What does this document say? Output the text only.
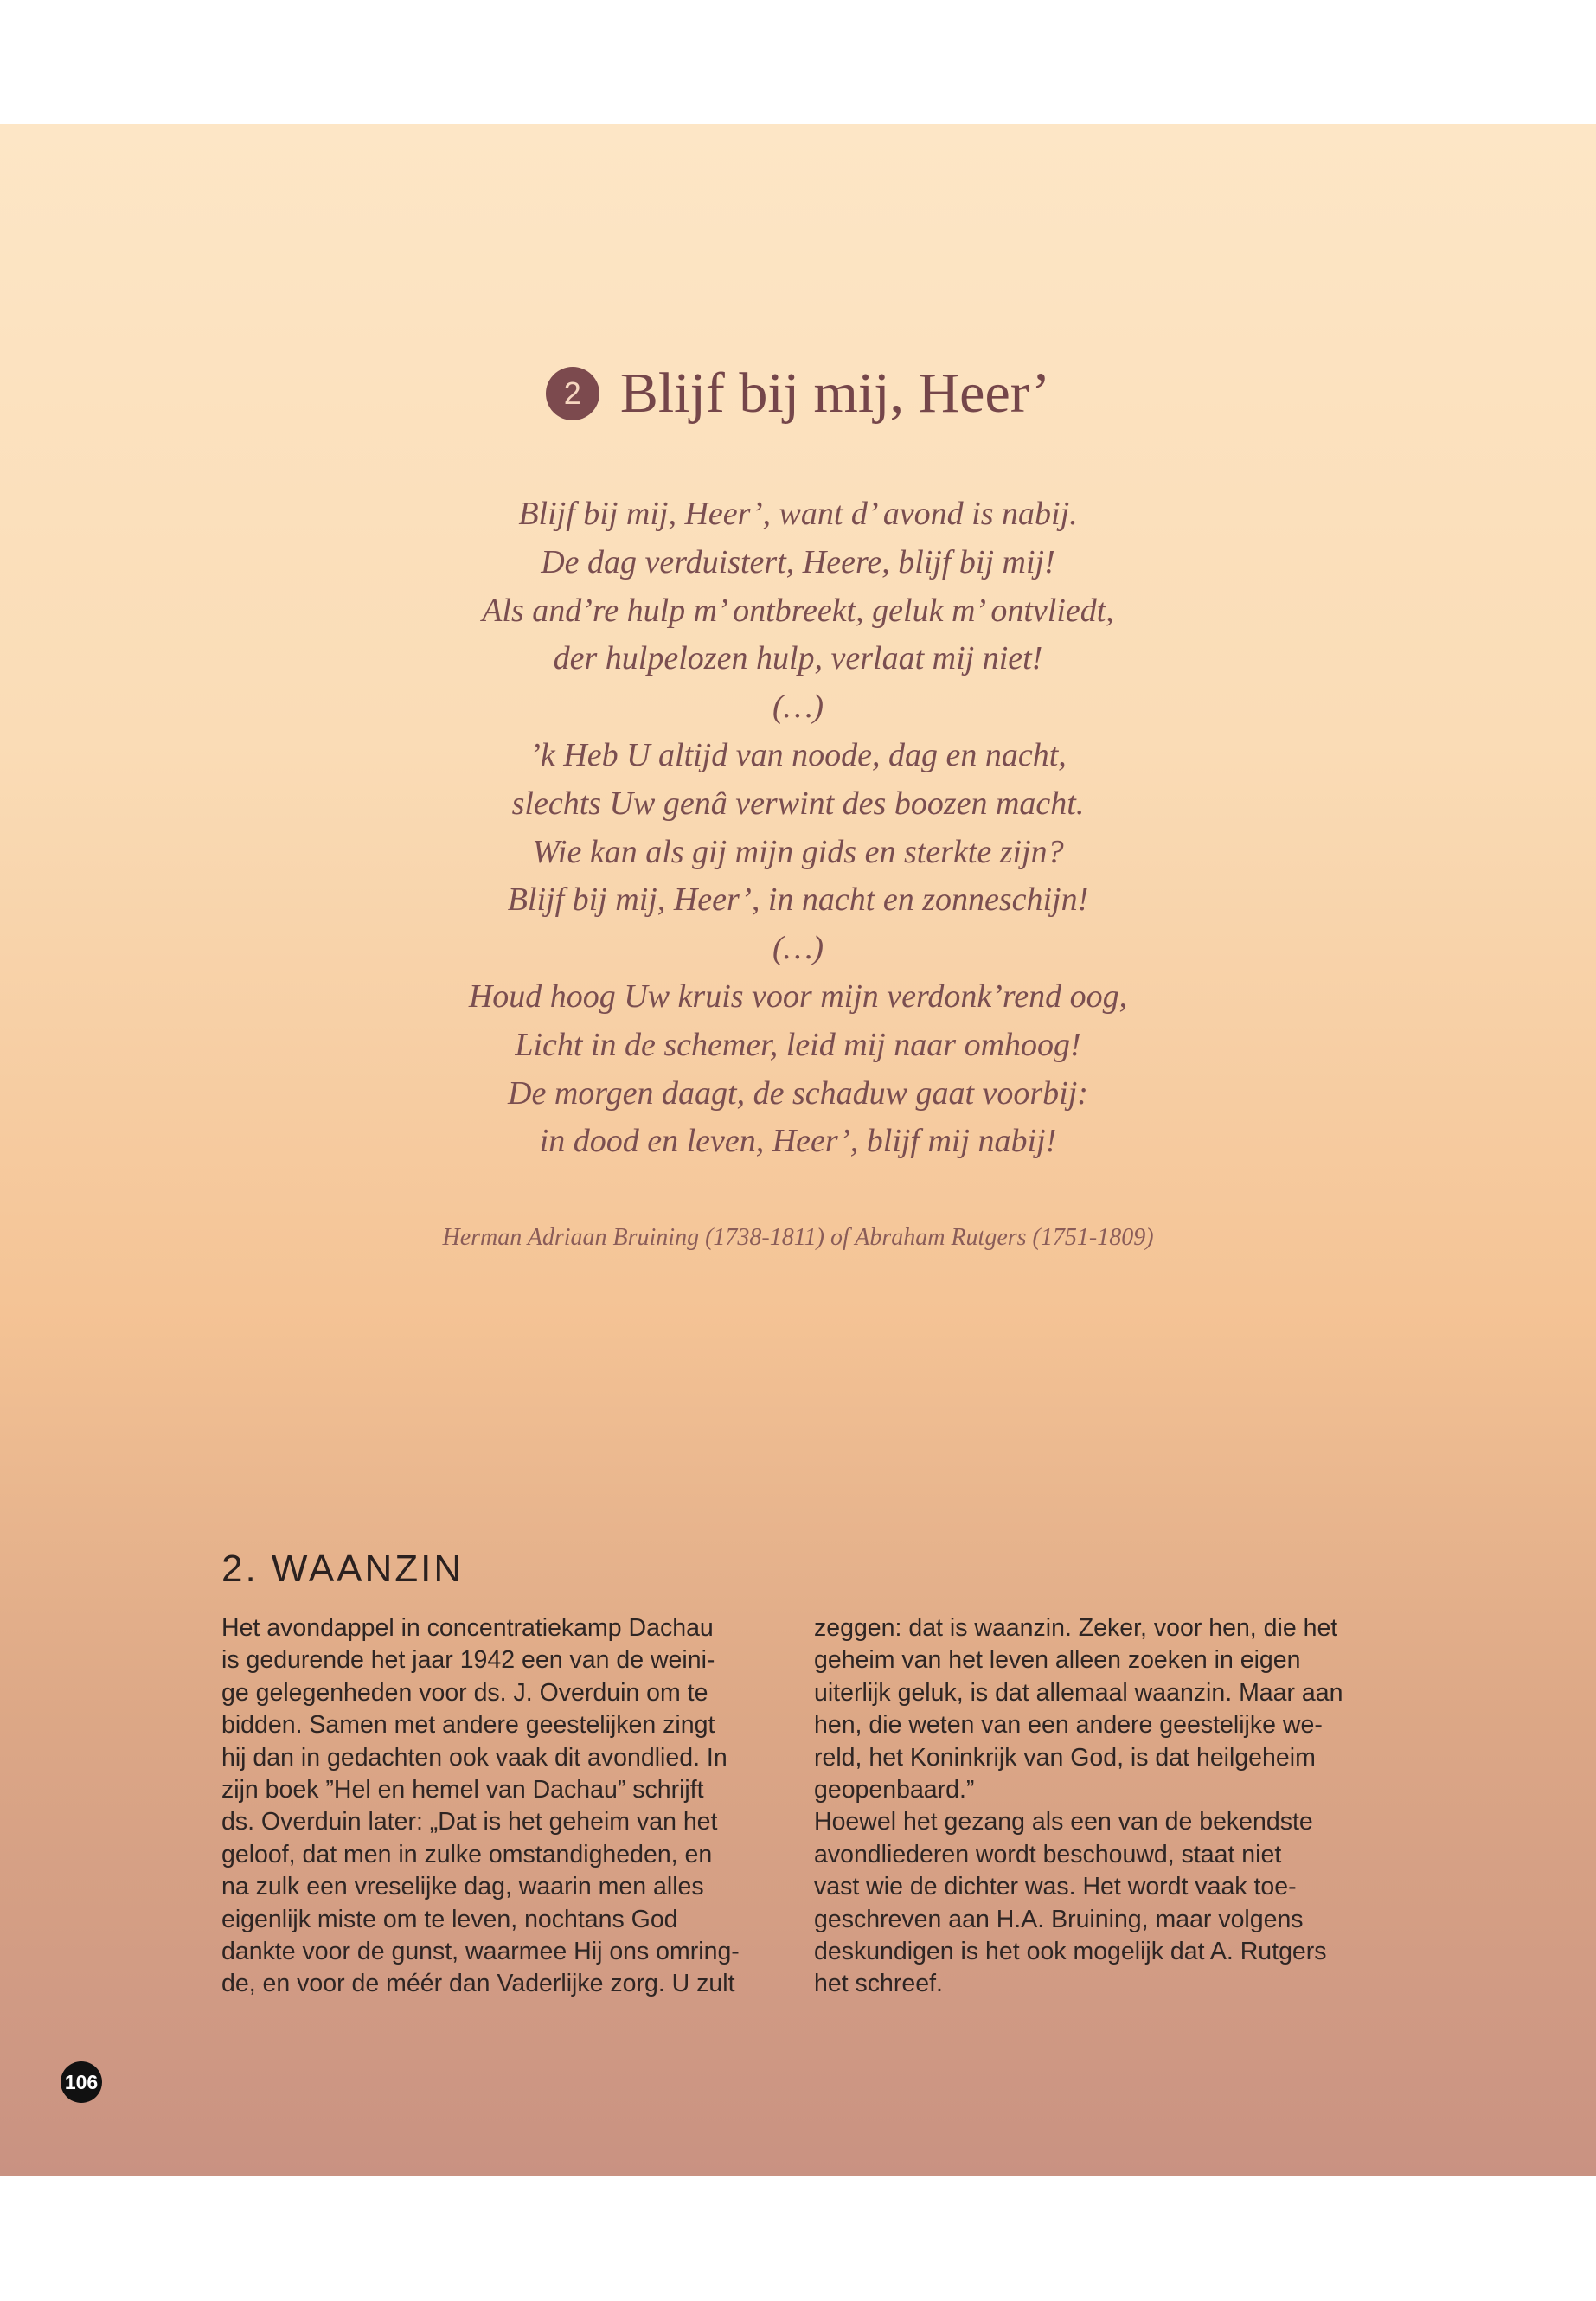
2 Blijf bij mij, Heer’
Blijf bij mij, Heer’, want d’ avond is nabij.
De dag verduistert, Heere, blijf bij mij!
Als and’re hulp m’ ontbreekt, geluk m’ ontvliedt,
der hulpelozen hulp, verlaat mij niet!
(…)
’k Heb U altijd van noode, dag en nacht,
slechts Uw genâ verwint des boozen macht.
Wie kan als gij mijn gids en sterkte zijn?
Blijf bij mij, Heer’, in nacht en zonneschijn!
(…)
Houd hoog Uw kruis voor mijn verdonk’rend oog,
Licht in de schemer, leid mij naar omhoog!
De morgen daagt, de schaduw gaat voorbij:
in dood en leven, Heer’, blijf mij nabij!
Herman Adriaan Bruining (1738-1811) of Abraham Rutgers (1751-1809)
2. WAANZIN
Het avondappel in concentratiekamp Dachau
is gedurende het jaar 1942 een van de weini-
ge gelegenheden voor ds. J. Overduin om te
bidden. Samen met andere geestelijken zingt
hij dan in gedachten ook vaak dit avondlied. In
zijn boek ”Hel en hemel van Dachau” schrijft
ds. Overduin later: „Dat is het geheim van het
geloof, dat men in zulke omstandigheden, en
na zulk een vreselijke dag, waarin men alles
eigenlijk miste om te leven, nochtans God
dankte voor de gunst, waarmee Hij ons omring-
de, en voor de méér dan Vaderlijke zorg. U zult
zeggen: dat is waanzin. Zeker, voor hen, die het
geheim van het leven alleen zoeken in eigen
uiterlijk geluk, is dat allemaal waanzin. Maar aan
hen, die weten van een andere geestelijke we-
reld, het Koninkrijk van God, is dat heilgeheim
geopenbaard.”
Hoewel het gezang als een van de bekendste
avondliederen wordt beschouwd, staat niet
vast wie de dichter was. Het wordt vaak toe-
geschreven aan H.A. Bruining, maar volgens
deskundigen is het ook mogelijk dat A. Rutgers
het schreef.
106
